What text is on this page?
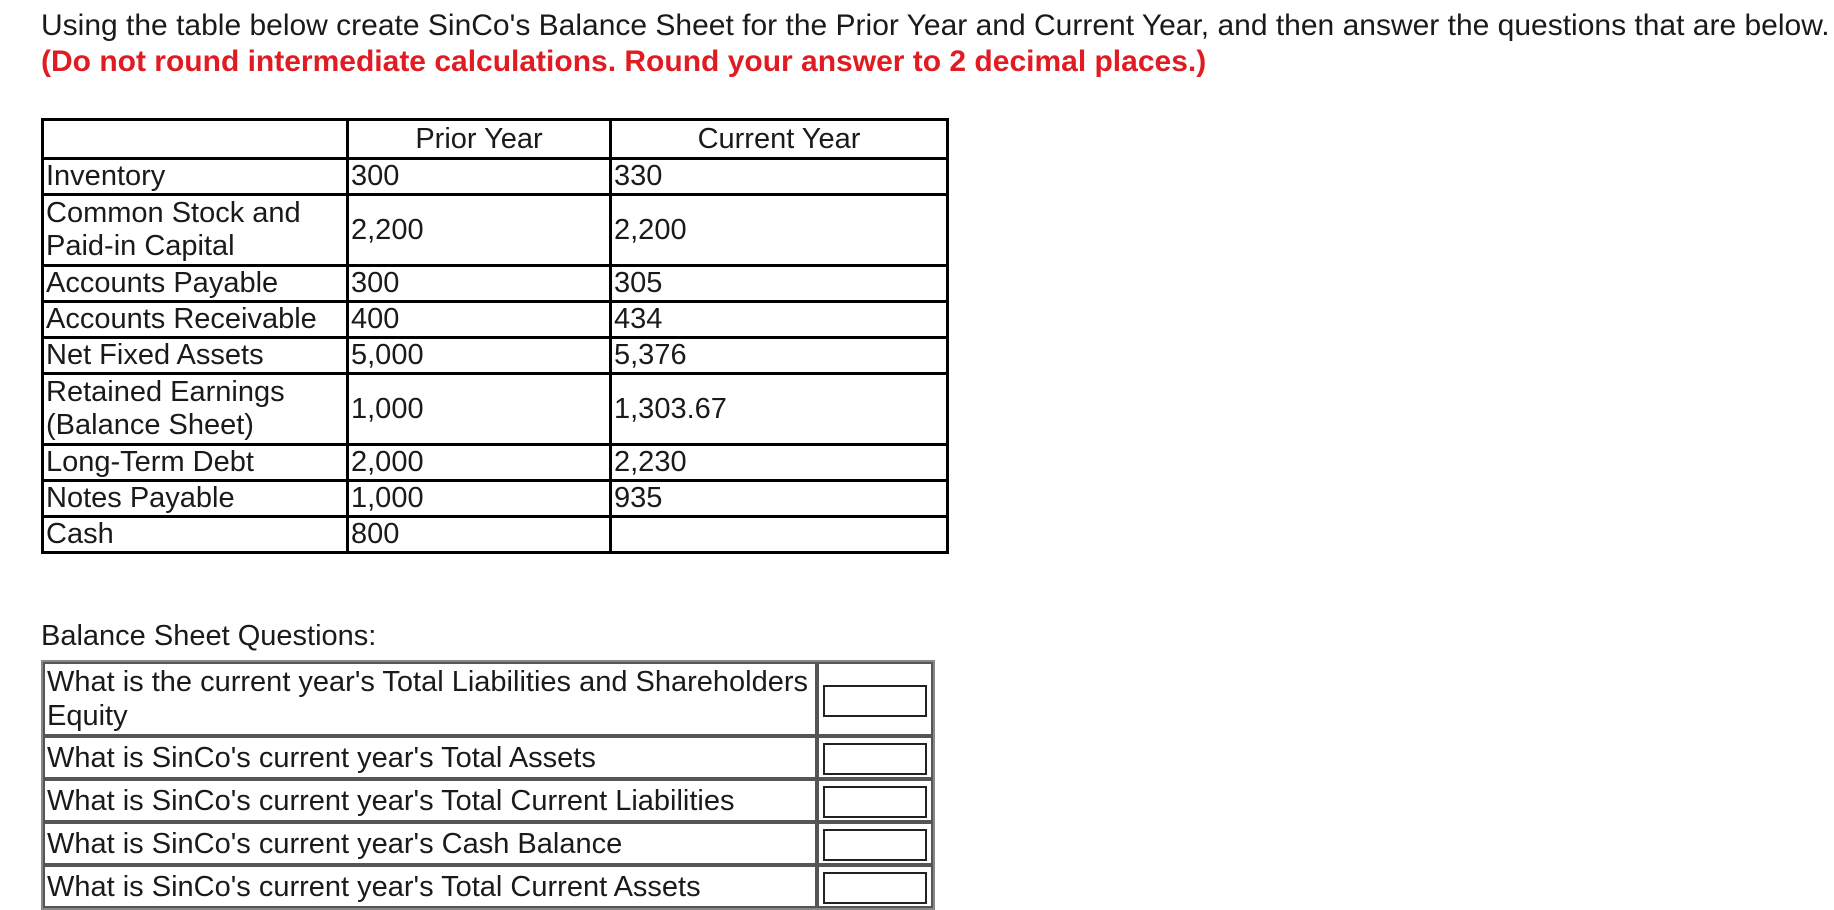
Using the table below create SinCo's Balance Sheet for the Prior Year and Current Year, and then answer the questions that are below. (Do not round intermediate calculations. Round your answer to 2 decimal places.)

	Prior Year	Current Year
Inventory	300	330
Common Stock and Paid-in Capital	2,200	2,200
Accounts Payable	300	305
Accounts Receivable	400	434
Net Fixed Assets	5,000	5,376
Retained Earnings (Balance Sheet)	1,000	1,303.67
Long-Term Debt	2,000	2,230
Notes Payable	1,000	935
Cash	800	

Balance Sheet Questions:

What is the current year's Total Liabilities and Shareholders Equity	
What is SinCo's current year's Total Assets	
What is SinCo's current year's Total Current Liabilities	
What is SinCo's current year's Cash Balance	
What is SinCo's current year's Total Current Assets	
